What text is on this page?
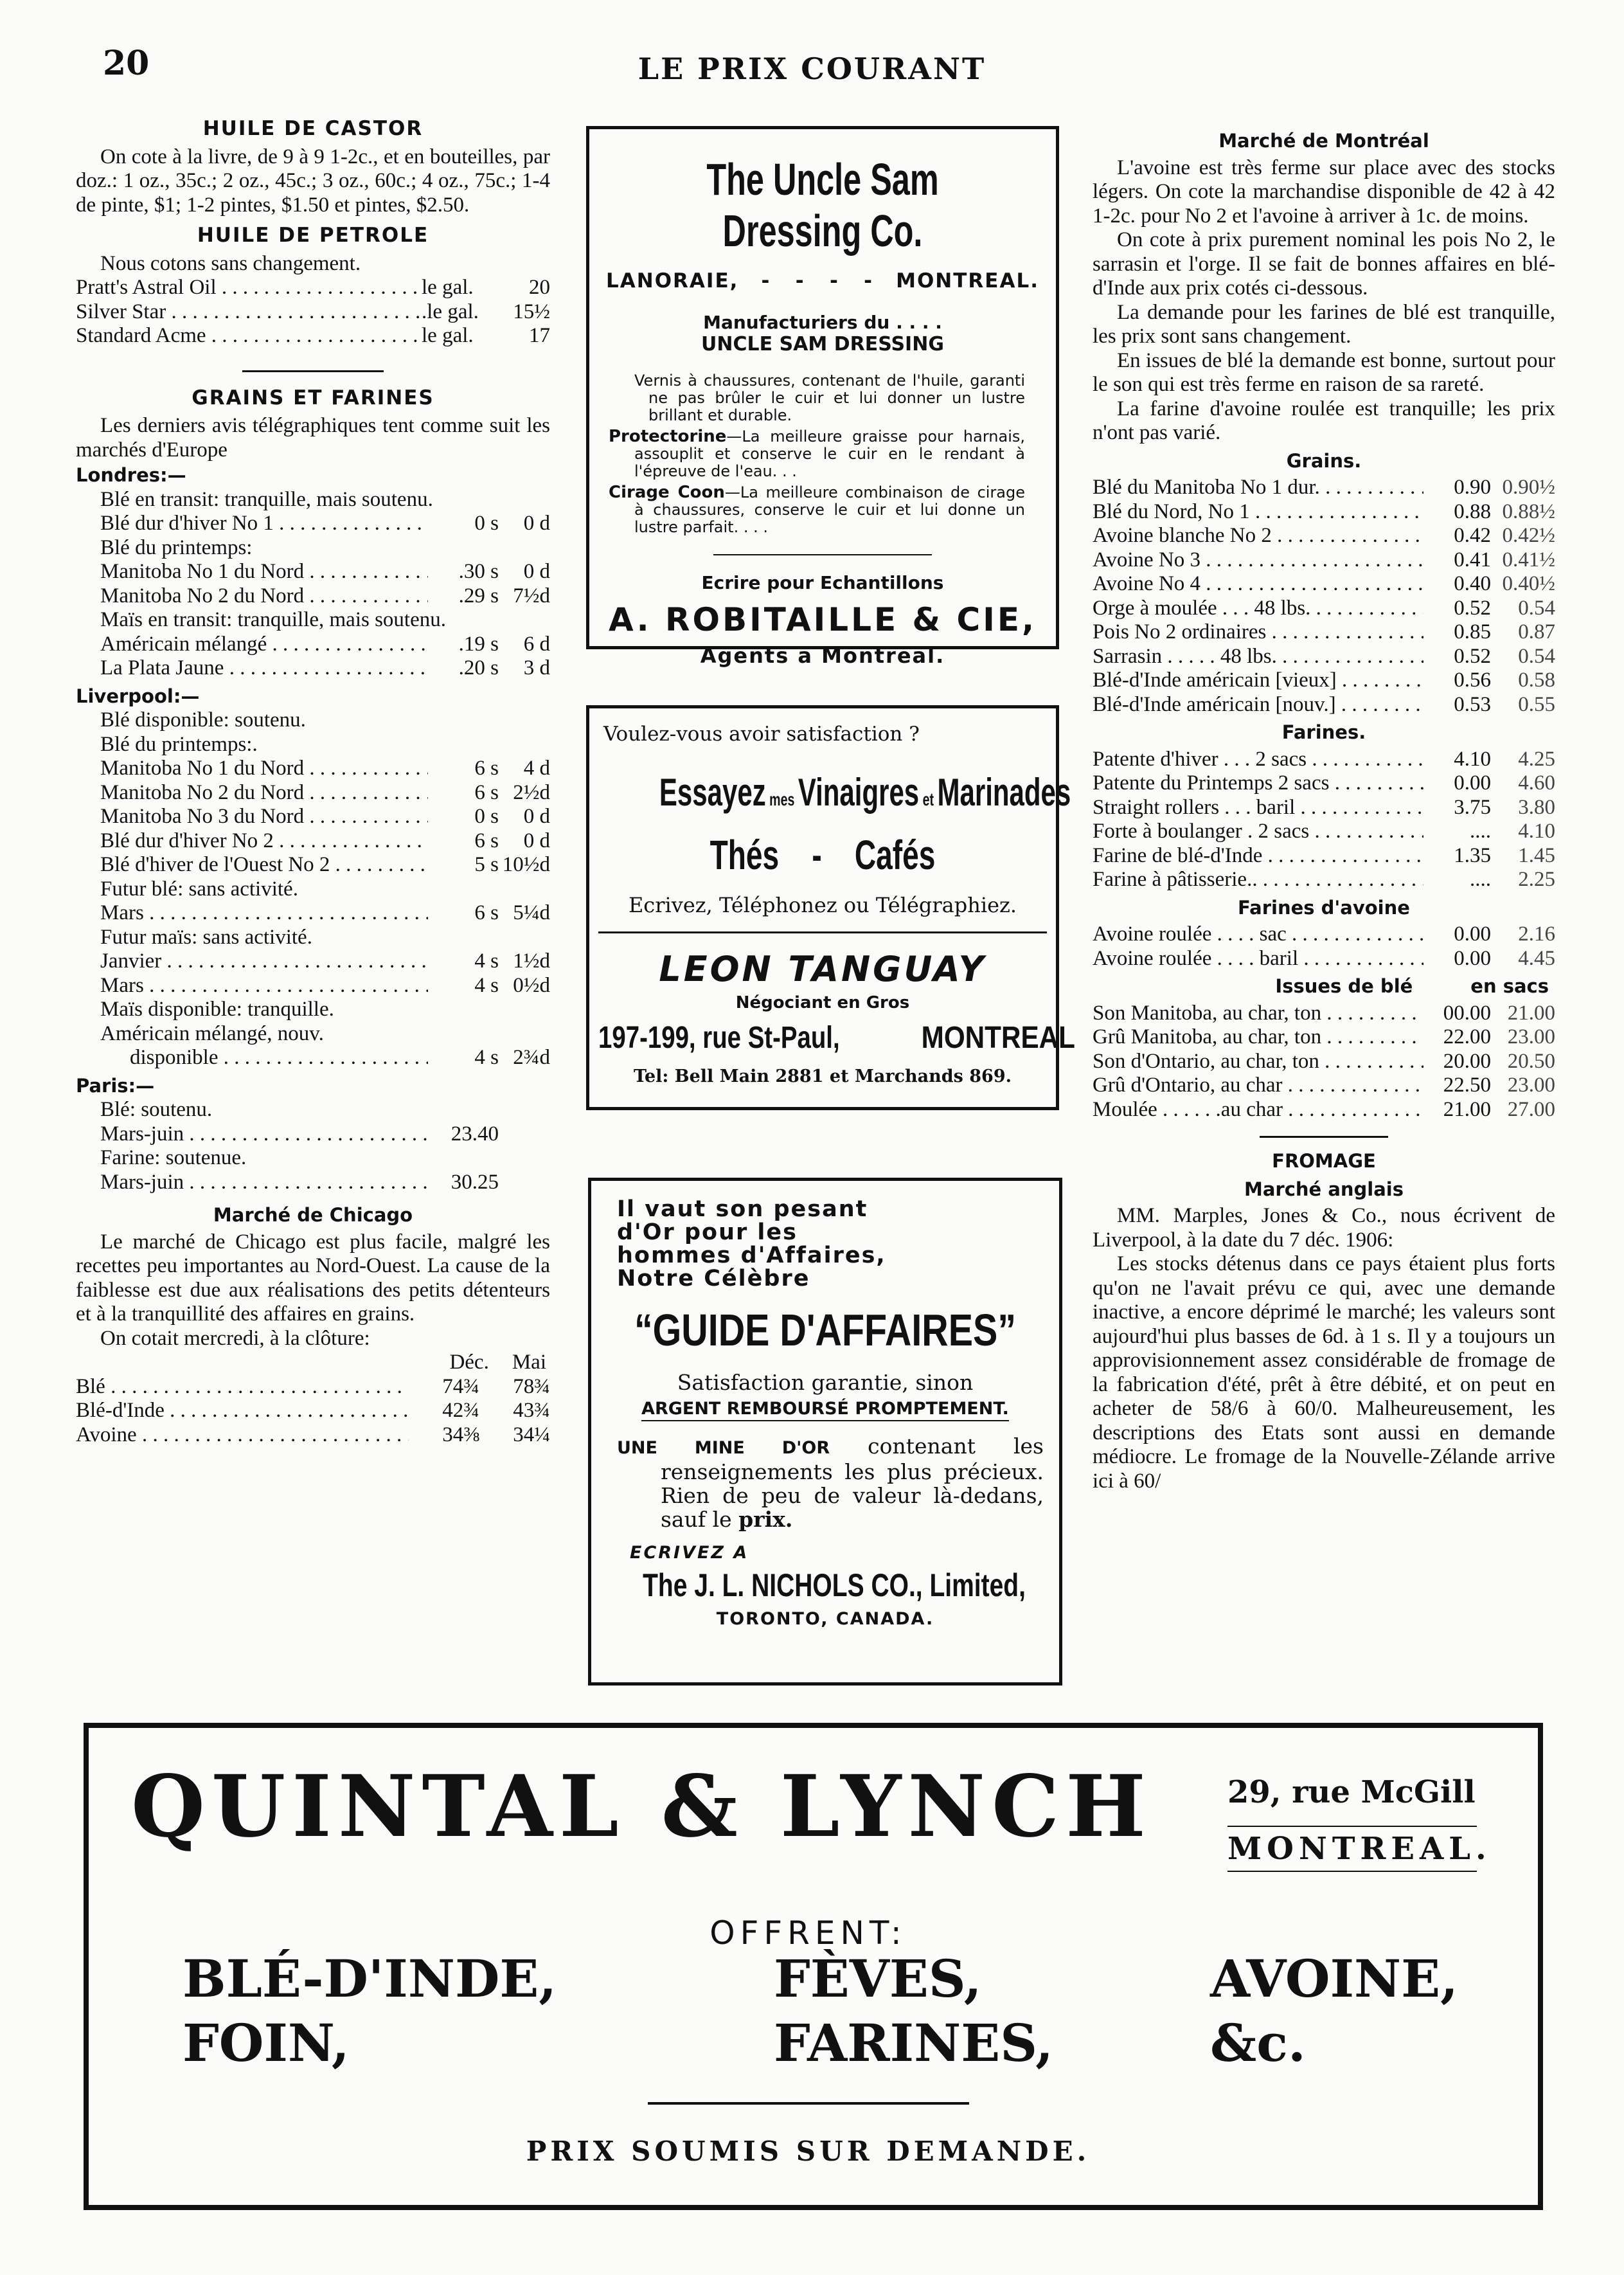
20	LE PRIX COURANT
HUILE DE CASTOR

On cote à la livre, de 9 à 9 1-2c., et en bouteilles, par doz.: 1 oz., 35c.; 2 oz., 45c.; 3 oz., 60c.; 4 oz., 75c.; 1-4 de pinte, $1; 1-2 pintes, $1.50 et pintes, $2.50.

HUILE DE PETROLE

Nous cotons sans changement.

Pratt's Astral Oil . . .	le gal.	20
Silver Star . . .	.le gal.	15½
Standard Acme . . .	le gal.	17
GRAINS ET FARINES

Les derniers avis télégraphiques tent comme suit les marchés d'Europe

Londres:—
Blé en transit: tranquille, mais soutenu.
Blé dur d'hiver No 1 . . .	0 s	0 d
Blé du printemps:
Manitoba No 1 du Nord . . .	.30 s	0 d
Manitoba No 2 du Nord . . .	.29 s 7½d
Maïs en transit: tranquille, mais soutenu.
Américain mélangé . . .	.19 s	6 d
La Plata Jaune . . .	.20 s	3 d
Liverpool:—
Blé disponible: soutenu.
Blé du printemps:.
Manitoba No 1 du Nord . . .	6 s	4 d
Manitoba No 2 du Nord . . .	6 s 2½d
Manitoba No 3 du Nord . . .	0 s	0 d
Blé dur d'hiver No 2 . . .	6 s	0 d
Blé d'hiver de l'Ouest No 2 . . .	5 s 10½d
Futur blé: sans activité.
Mars . . .	6 s 5¼d
Futur maïs: sans activité.
Janvier . . .	4 s 1½d
Mars . . .	4 s 0½d
Maïs disponible: tranquille.
Américain mélangé, nouv.
disponible . . .	4 s 2¾d
Paris:—
Blé: soutenu.
Mars-juin . . .	23.40
Farine: soutenue.
Mars-juin . . .	30.25
Marché de Chicago

Le marché de Chicago est plus facile, malgré les recettes peu importantes au Nord-Ouest. La cause de la faiblesse est due aux réalisations des petits détenteurs et à la tranquillité des affaires en grains.

On cotait mercredi, à la clôture:

Déc. Mai
Blé . . .	74¾	78¾
Blé-d'Inde . . .	42¾	43¾
Avoine . . .	34⅜	34¼
The Uncle Sam Dressing Co.
LANORAIE, -   -   -   - MONTREAL.
Manufacturiers du . . . .
UNCLE SAM DRESSING
Vernis à chaussures, contenant de l'huile, garanti ne pas brûler le cuir et lui donner un lustre brillant et durable.
Protectorine—La meilleure graisse pour harnais, assouplit et conserve le cuir en le rendant à l'épreuve de l'eau. . .
Cirage Coon—La meilleure combinaison de cirage à chaussures, conserve le cuir et lui donne un lustre parfait. . . .
Ecrire pour Echantillons
A. ROBITAILLE & CIE,
Agents a Montreal.
Voulez-vous avoir satisfaction ?
Essayez mes Vinaigres et Marinades
Thés - Cafés
Ecrivez, Téléphonez ou Télégraphiez.
LEON TANGUAY
Négociant en Gros
197-199, rue St-Paul,	MONTREAL
Tel: Bell Main 2881 et Marchands 869.
Il vaut son pesant d'Or pour les hommes d'Affaires, Notre Célèbre
“GUIDE D'AFFAIRES”
Satisfaction garantie, sinon
ARGENT REMBOURSÉ PROMPTEMENT.
UNE MINE D'OR contenant les renseignements les plus précieux. Rien de peu de valeur là-dedans, sauf le prix.
ECRIVEZ A
The J. L. NICHOLS CO., Limited,
TORONTO, CANADA.
Marché de Montréal

L'avoine est très ferme sur place avec des stocks légers. On cote la marchandise disponible de 42 à 42 1-2c. pour No 2 et l'avoine à arriver à 1c. de moins.

On cote à prix purement nominal les pois No 2, le sarrasin et l'orge. Il se fait de bonnes affaires en blé-d'Inde aux prix cotés ci-dessous.

La demande pour les farines de blé est tranquille, les prix sont sans changement.

En issues de blé la demande est bonne, surtout pour le son qui est très ferme en raison de sa rareté.

La farine d'avoine roulée est tranquille; les prix n'ont pas varié.

Grains.
Blé du Manitoba No 1 dur. . . .	0.90 0.90½
Blé du Nord, No 1 . . .	0.88 0.88½
Avoine blanche No 2 . . .	0.42 0.42½
Avoine No 3 . . .	0.41 0.41½
Avoine No 4 . . .	0.40 0.40½
Orge à moulée . . . 48 lbs. . . .	0.52	0.54
Pois No 2 ordinaires . . .	0.85	0.87
Sarrasin . . . . . 48 lbs. . . .	0.52	0.54
Blé-d'Inde américain [vieux] . . .	0.56	0.58
Blé-d'Inde américain [nouv.] . . .	0.53	0.55
Farines.
Patente d'hiver . . . 2 sacs . . .	4.10	4.25
Patente du Printemps 2 sacs . . .	0.00	4.60
Straight rollers . . . baril . . .	3.75	3.80
Forte à boulanger . 2 sacs . . .	....	4.10
Farine de blé-d'Inde . . .	1.35	1.45
Farine à pâtisserie.. . . .	....	2.25
Farines d'avoine
Avoine roulée . . . . sac . . .	0.00	2.16
Avoine roulée . . . . baril . . .	0.00	4.45
Issues de blé	en sacs
Son Manitoba, au char, ton . . .	00.00 21.00
Grû Manitoba, au char, ton . . .	22.00 23.00
Son d'Ontario, au char, ton . . .	20.00 20.50
Grû d'Ontario, au char . . .	22.50 23.00
Moulée . . . . . .au char . . .	21.00 27.00
FROMAGE
Marché anglais

MM. Marples, Jones & Co., nous écrivent de Liverpool, à la date du 7 déc. 1906:

Les stocks détenus dans ce pays étaient plus forts qu'on ne l'avait prévu ce qui, avec une demande inactive, a encore déprimé le marché; les valeurs sont aujourd'hui plus basses de 6d. à 1 s. Il y a toujours un approvisionnement assez considérable de fromage de la fabrication d'été, prêt à être débité, et on peut en acheter de 58/6 à 60/0. Malheureusement, les descriptions des Etats sont aussi en demande médiocre. Le fromage de la Nouvelle-Zélande arrive ici à 60/

QUINTAL & LYNCH 29, rue McGill
MONTREAL.
OFFRENT:
BLÉ-D'INDE,
FOIN,
FÈVES,
FARINES,
AVOINE,
&c.
PRIX SOUMIS SUR DEMANDE.
